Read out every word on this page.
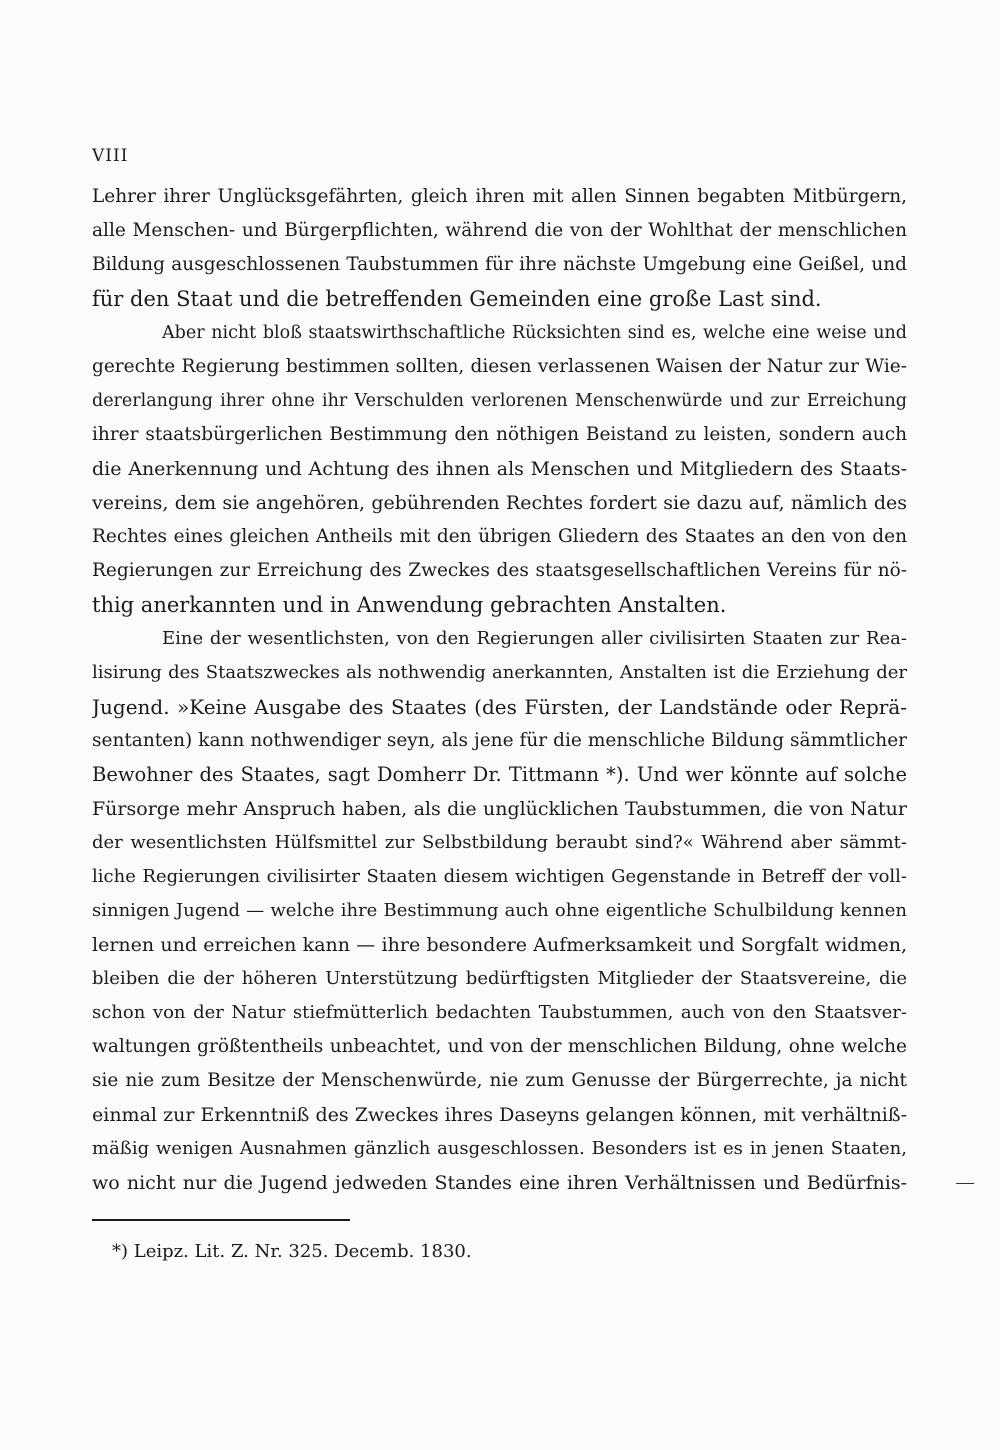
VIII
Lehrer ihrer Unglücksgefährten, gleich ihren mit allen Sinnen begabten Mitbürgern,
alle Menschen- und Bürgerpflichten, während die von der Wohlthat der menschlichen
Bildung ausgeschlossenen Taubstummen für ihre nächste Umgebung eine Geißel, und
für den Staat und die betreffenden Gemeinden eine große Last sind.
Aber nicht bloß staatswirthschaftliche Rücksichten sind es, welche eine weise und
gerechte Regierung bestimmen sollten, diesen verlassenen Waisen der Natur zur Wie-
dererlangung ihrer ohne ihr Verschulden verlorenen Menschenwürde und zur Erreichung
ihrer staatsbürgerlichen Bestimmung den nöthigen Beistand zu leisten, sondern auch
die Anerkennung und Achtung des ihnen als Menschen und Mitgliedern des Staats-
vereins, dem sie angehören, gebührenden Rechtes fordert sie dazu auf, nämlich des
Rechtes eines gleichen Antheils mit den übrigen Gliedern des Staates an den von den
Regierungen zur Erreichung des Zweckes des staatsgesellschaftlichen Vereins für nö-
thig anerkannten und in Anwendung gebrachten Anstalten.
Eine der wesentlichsten, von den Regierungen aller civilisirten Staaten zur Rea-
lisirung des Staatszweckes als nothwendig anerkannten, Anstalten ist die Erziehung der
Jugend. »Keine Ausgabe des Staates (des Fürsten, der Landstände oder Reprä-
sentanten) kann nothwendiger seyn, als jene für die menschliche Bildung sämmtlicher
Bewohner des Staates, sagt Domherr Dr. Tittmann *). Und wer könnte auf solche
Fürsorge mehr Anspruch haben, als die unglücklichen Taubstummen, die von Natur
der wesentlichsten Hülfsmittel zur Selbstbildung beraubt sind?« Während aber sämmt-
liche Regierungen civilisirter Staaten diesem wichtigen Gegenstande in Betreff der voll-
sinnigen Jugend — welche ihre Bestimmung auch ohne eigentliche Schulbildung kennen
lernen und erreichen kann — ihre besondere Aufmerksamkeit und Sorgfalt widmen,
bleiben die der höheren Unterstützung bedürftigsten Mitglieder der Staatsvereine, die
schon von der Natur stiefmütterlich bedachten Taubstummen, auch von den Staatsver-
waltungen größtentheils unbeachtet, und von der menschlichen Bildung, ohne welche
sie nie zum Besitze der Menschenwürde, nie zum Genusse der Bürgerrechte, ja nicht
einmal zur Erkenntniß des Zweckes ihres Daseyns gelangen können, mit verhältniß-
mäßig wenigen Ausnahmen gänzlich ausgeschlossen. Besonders ist es in jenen Staaten,
wo nicht nur die Jugend jedweden Standes eine ihren Verhältnissen und Bedürfnis-
*) Leipz. Lit. Z. Nr. 325. Decemb. 1830.
